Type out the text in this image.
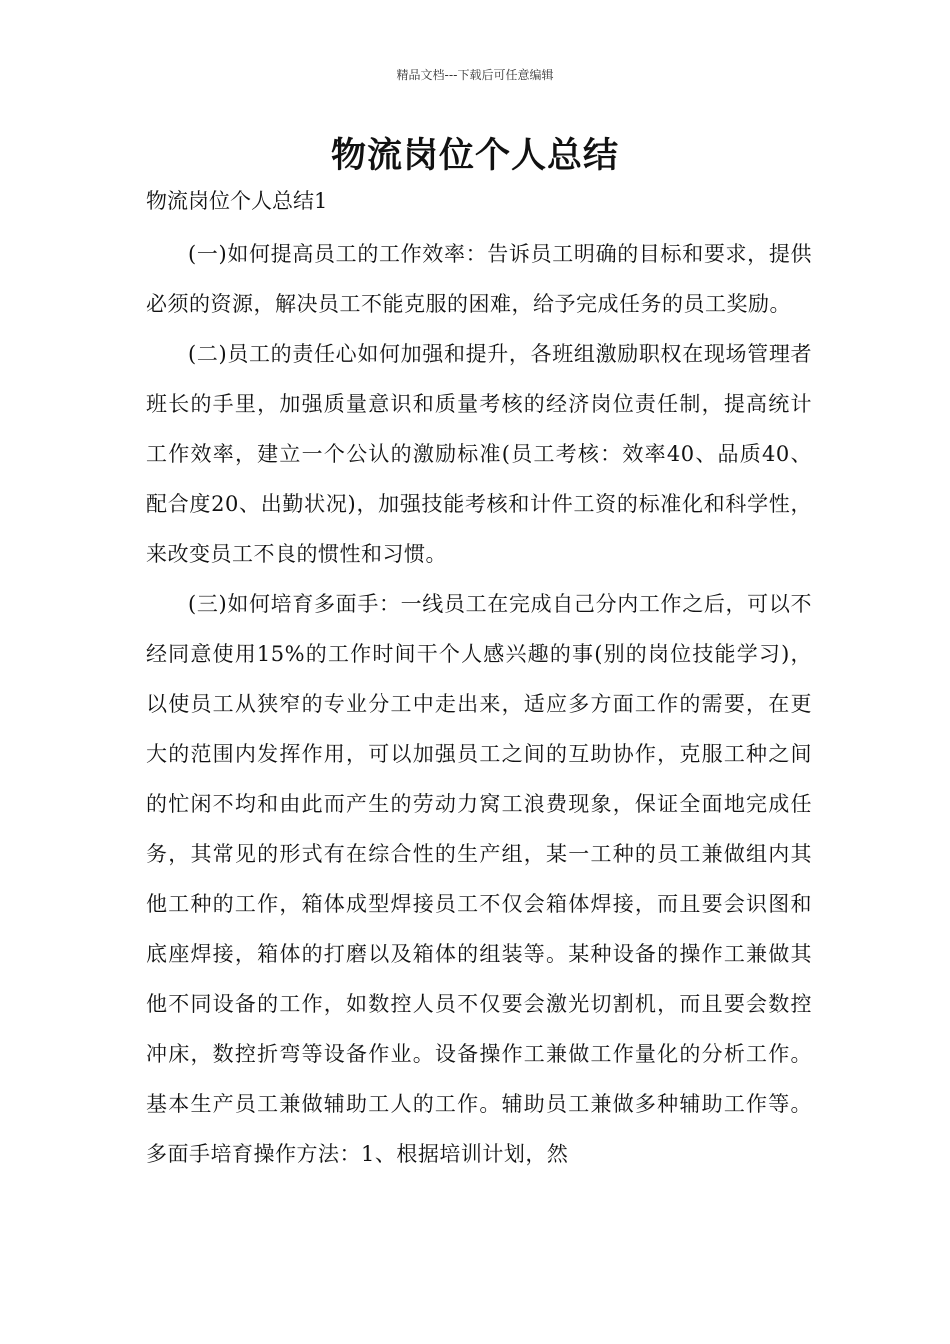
精品文档---下载后可任意编辑
物流岗位个人总结

物流岗位个人总结1

(一)如何提高员工的工作效率：告诉员工明确的目标和要求，提供必须的资源，解决员工不能克服的困难，给予完成任务的员工奖励。

(二)员工的责任心如何加强和提升，各班组激励职权在现场管理者班长的手里，加强质量意识和质量考核的经济岗位责任制，提高统计工作效率，建立一个公认的激励标准(员工考核：效率40、品质40、配合度20、出勤状况)，加强技能考核和计件工资的标准化和科学性，来改变员工不良的惯性和习惯。

(三)如何培育多面手：一线员工在完成自己分内工作之后，可以不经同意使用15%的工作时间干个人感兴趣的事(别的岗位技能学习)，以使员工从狭窄的专业分工中走出来，适应多方面工作的需要，在更大的范围内发挥作用，可以加强员工之间的互助协作，克服工种之间的忙闲不均和由此而产生的劳动力窝工浪费现象，保证全面地完成任务，其常见的形式有在综合性的生产组，某一工种的员工兼做组内其他工种的工作，箱体成型焊接员工不仅会箱体焊接，而且要会识图和底座焊接，箱体的打磨以及箱体的组装等。某种设备的操作工兼做其他不同设备的工作，如数控人员不仅要会激光切割机，而且要会数控冲床，数控折弯等设备作业。设备操作工兼做工作量化的分析工作。基本生产员工兼做辅助工人的工作。辅助员工兼做多种辅助工作等。多面手培育操作方法：1、根据培训计划，然
